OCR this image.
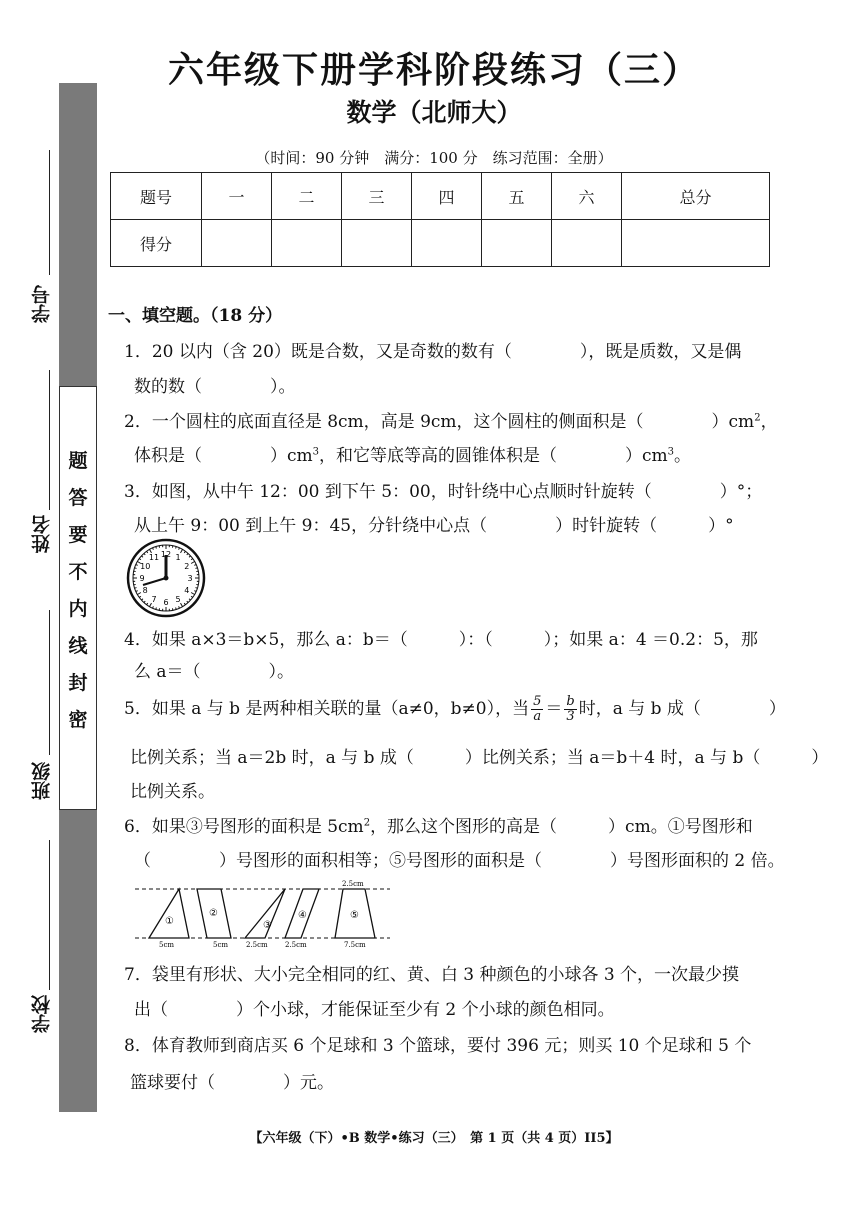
题
答
要
不
内
线
封
密
学号
姓名
班级
学校
六年级下册学科阶段练习（三）
数学（北师大）
（时间：90 分钟　满分：100 分　练习范围：全册）
题号	一	二	三	四	五	六	总分
得分							
一、填空题。（18 分）
1．20 以内（含 20）既是合数，又是奇数的数有（　　　　），既是质数，又是偶
数的数（　　　　）。
2．一个圆柱的底面直径是 8cm，高是 9cm，这个圆柱的侧面积是（　　　　）$cm^2$，
体积是（　　　　）$cm^3$，和它等底等高的圆锥体积是（　　　　）$cm^3$。
3．如图，从中午 12：00 到下午 5：00，时针绕中心点顺时针旋转（　　　　）°；
从上午 9：00 到上午 9：45，分针绕中心点（　　　　）时针旋转（　　　）°
12 1
2
3
4
5
6
7
8
9
10
11
4．如果 a×3＝b×5，那么 a：b＝（　　　）：（　　　）；如果 a：4 ＝0.2：5，那
么 a＝（　　　　）。
5．如果 a 与 b 是两种相关联的量（a≠0，b≠0），当 $\frac{5}{a} = \frac{b}{3}$ 时，a 与 b 成（　　　　）
比例关系；当 a＝2b 时，a 与 b 成（　　　）比例关系；当 a＝b＋4 时，a 与 b（　　　）
比例关系。
6．如果③号图形的面积是 $5cm^2$，那么这个图形的高是（　　　）cm。①号图形和
（　　　　）号图形的面积相等；⑤号图形的面积是（　　　　）号图形面积的 2 倍。
①
②
③
④	⑤
2.5cm
5cm	5cm	2.5cm 2.5cm	7.5cm
7．袋里有形状、大小完全相同的红、黄、白 3 种颜色的小球各 3 个，一次最少摸
出（　　　　）个小球，才能保证至少有 2 个小球的颜色相同。
8．体育教师到商店买 6 个足球和 3 个篮球，要付 396 元；则买 10 个足球和 5 个
篮球要付（　　　　）元。
【六年级（下）•B 数学•练习（三）　第 1 页（共 4 页）II5】
